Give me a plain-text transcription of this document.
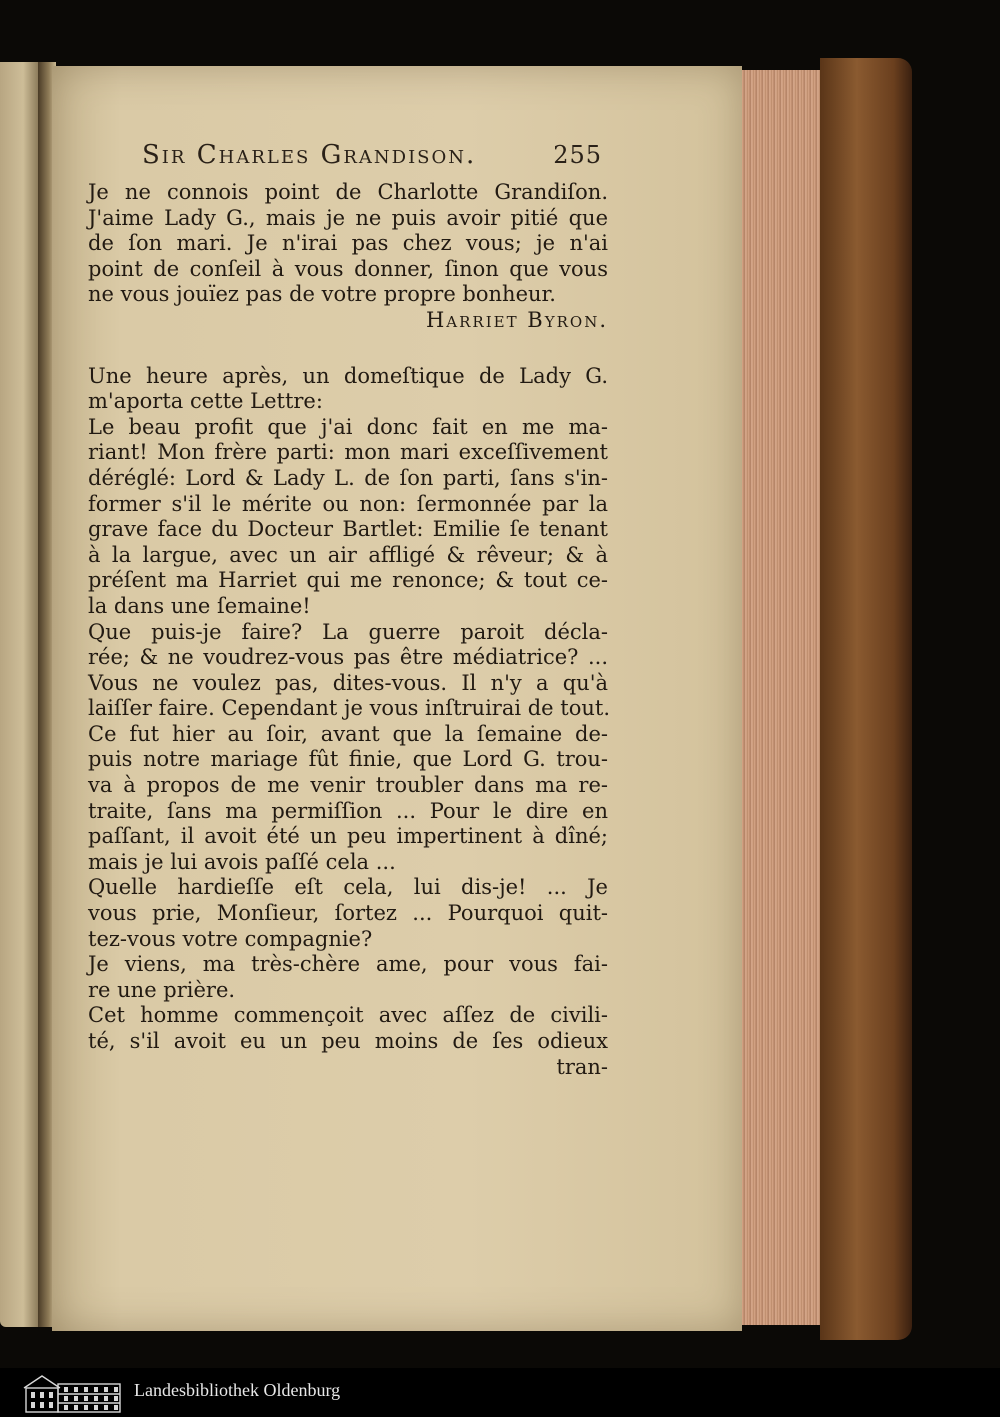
Sir Charles Grandison.	255
Je ne connois point de Charlotte Grandiſon.
J'aime Lady G., mais je ne puis avoir pitié que
de ſon mari. Je n'irai pas chez vous; je n'ai
point de conſeil à vous donner, ſinon que vous
ne vous jouïez pas de votre propre bonheur.
Harriet Byron.
Une heure après, un domeſtique de Lady G.
m'aporta cette Lettre:
Le beau profit que j'ai donc fait en me ma-
riant! Mon frère parti: mon mari exceſſivement
déréglé: Lord & Lady L. de ſon parti, ſans s'in-
former s'il le mérite ou non: ſermonnée par la
grave face du Docteur Bartlet: Emilie ſe tenant
à la largue, avec un air affligé & rêveur; & à
préſent ma Harriet qui me renonce; & tout ce-
la dans une ſemaine!
Que puis-je faire? La guerre paroit décla-
rée; & ne voudrez-vous pas être médiatrice? ...
Vous ne voulez pas, dites-vous. Il n'y a qu'à
laiſſer faire. Cependant je vous inſtruirai de tout.
Ce fut hier au ſoir, avant que la ſemaine de-
puis notre mariage fût finie, que Lord G. trou-
va à propos de me venir troubler dans ma re-
traite, ſans ma permiſſion ... Pour le dire en
paſſant, il avoit été un peu impertinent à dîné;
mais je lui avois paſſé cela ...
Quelle hardieſſe eſt cela, lui dis-je! ... Je
vous prie, Monſieur, ſortez ... Pourquoi quit-
tez-vous votre compagnie?
Je viens, ma très-chère ame, pour vous fai-
re une prière.
Cet homme commençoit avec aſſez de civili-
té, s'il avoit eu un peu moins de ſes odieux
tran-
Landesbibliothek Oldenburg
